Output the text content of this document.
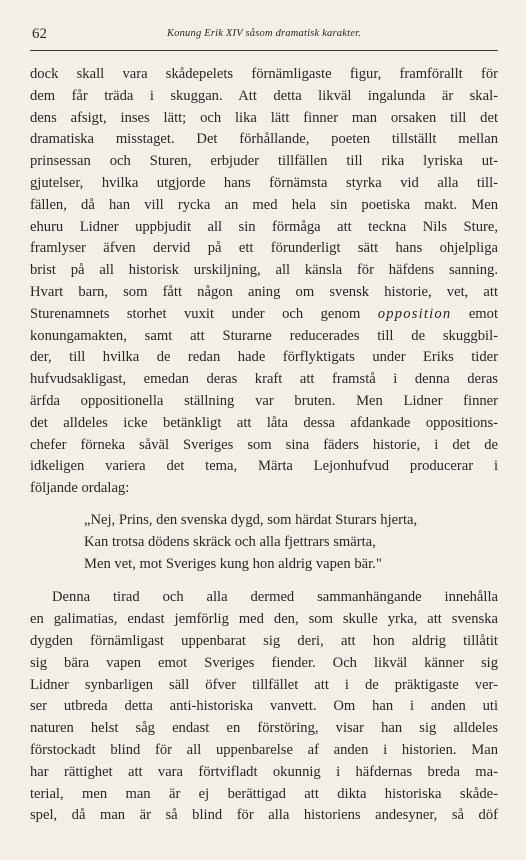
62	Konung Erik XIV såsom dramatisk karakter.
dock skall vara skådepelets förnämligaste figur, framförallt för
dem får träda i skuggan. Att detta likväl ingalunda är skal-
dens afsigt, inses lätt; och lika lätt finner man orsaken till det
dramatiska misstaget. Det förhållande, poeten tillställt mellan
prinsessan och Sturen, erbjuder tillfällen till rika lyriska ut-
gjutelser, hvilka utgjorde hans förnämsta styrka vid alla till-
fällen, då han vill rycka an med hela sin poetiska makt. Men
ehuru Lidner uppbjudit all sin förmåga att teckna Nils Sture,
framlyser äfven dervid på ett förunderligt sätt hans ohjelpliga
brist på all historisk urskiljning, all känsla för häfdens sanning.
Hvart barn, som fått någon aning om svensk historie, vet, att
Sturenamnets storhet vuxit under och genom opposition emot
konungamakten, samt att Sturarne reducerades till de skuggbil-
der, till hvilka de redan hade förflyktigats under Eriks tider
hufvudsakligast, emedan deras kraft att framstå i denna deras
ärfda oppositionella ställning var bruten. Men Lidner finner
det alldeles icke betänkligt att låta dessa afdankade oppositions-
chefer förneka såväl Sveriges som sina fäders historie, i det de
idkeligen variera det tema, Märta Lejonhufvud producerar i
följande ordalag:
„Nej, Prins, den svenska dygd, som härdat Sturars hjerta,
Kan trotsa dödens skräck och alla fjettrars smärta,
Men vet, mot Sveriges kung hon aldrig vapen bär."
Denna tirad och alla dermed sammanhängande innehålla
en galimatias, endast jemförlig med den, som skulle yrka, att svenska
dygden förnämligast uppenbarat sig deri, att hon aldrig tillåtit
sig bära vapen emot Sveriges fiender. Och likväl känner sig
Lidner synbarligen säll öfver tillfället att i de präktigaste ver-
ser utbreda detta anti-historiska vanvett. Om han i anden uti
naturen helst såg endast en förstöring, visar han sig alldeles
förstockadt blind för all uppenbarelse af anden i historien. Man
har rättighet att vara förtvifladt okunnig i häfdernas breda ma-
terial, men man är ej berättigad att dikta historiska skåde-
spel, då man är så blind för alla historiens andesyner, så döf
